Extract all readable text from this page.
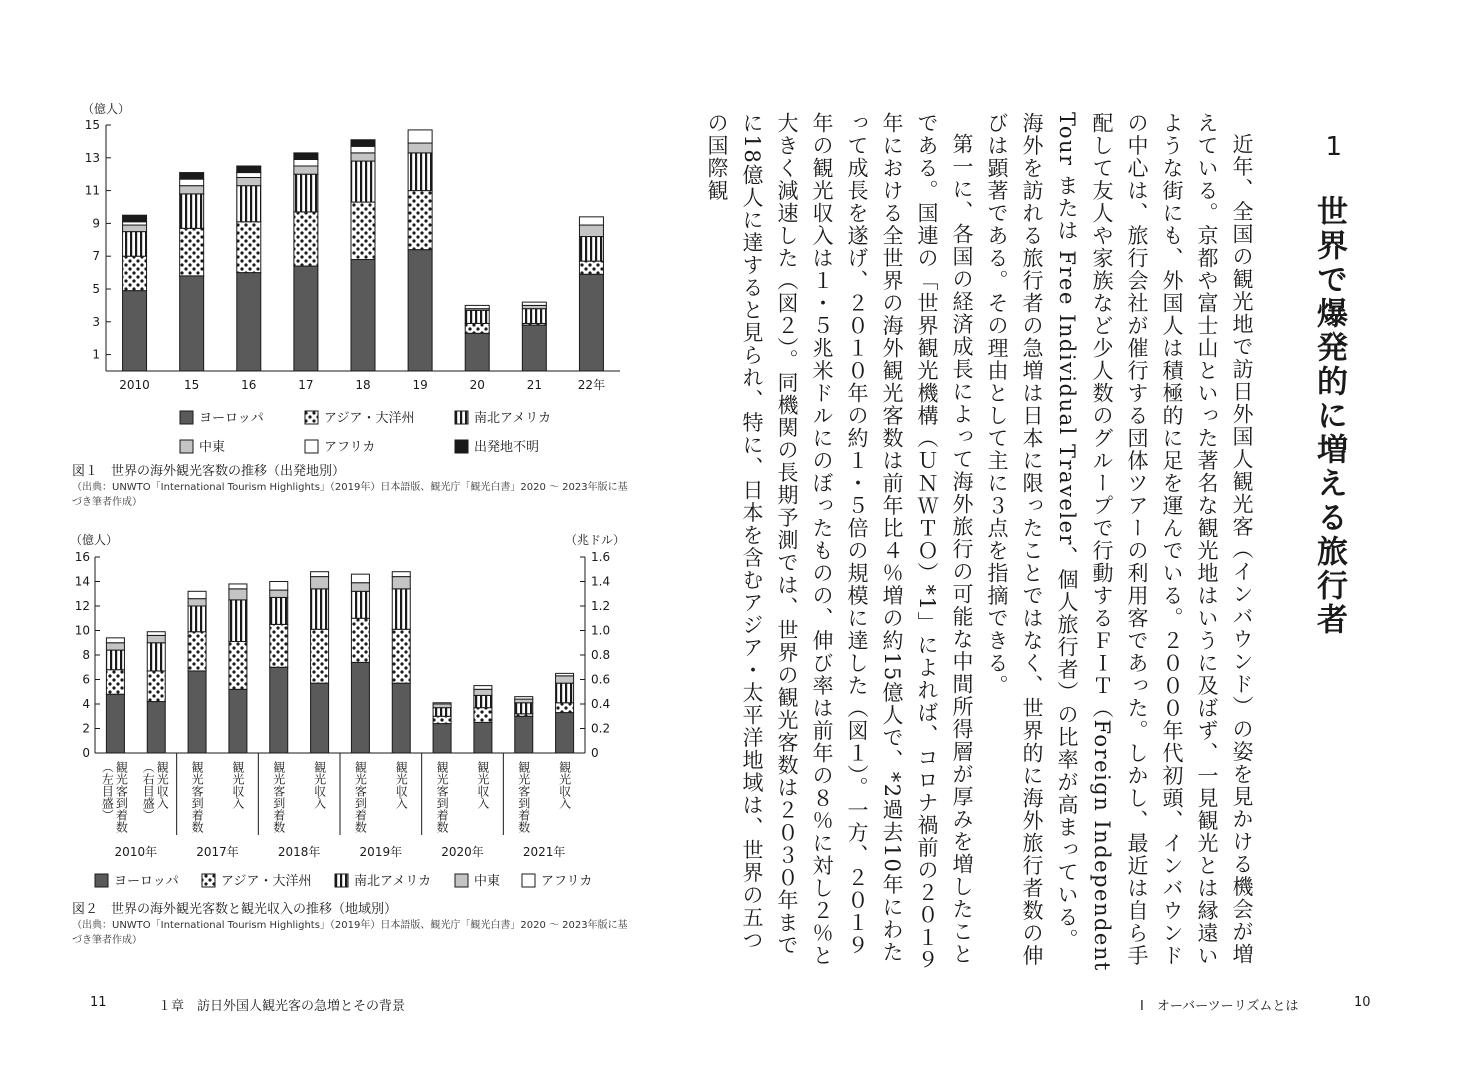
（億人）
1
3
5
7
9
11
13
15
2010	15	16	17	18	19	20	21	22年
ヨーロッパ	アジア・大洋州	南北アメリカ
中東	アフリカ	出発地不明
図１　世界の海外観光客数の推移（出発地別）
（出典：UNWTO「International Tourism Highlights」（2019年）日本語版、観光庁「観光白書」2020 ～ 2023年版に基づき筆者作成）
（億人）	（兆ドル）
0	0
2	0.2
4	0.4
6	0.6
8	0.8
10	1.0
12	1.2
14	1.4
16	1.6
観光客到着数
（左目盛）	観光収入
（右目盛）	観光客到着数 観光収入 観光客到着数 観光収入 観光客到着数 観光収入 観光客到着数 観光収入 観光客到着数 観光収入
2010年	2017年	2018年	2019年	2020年	2021年
ヨーロッパ	アジア・大洋州	南北アメリカ	中東	アフリカ
図２　世界の海外観光客数と観光収入の推移（地域別）
（出典：UNWTO「International Tourism Highlights」（2019年）日本語版、観光庁「観光白書」2020 ～ 2023年版に基づき筆者作成）
11	１章　訪日外国人観光客の急増とその背景
1
世界で爆発的に増える旅行者

近年、全国の観光地で訪日外国人観光客（インバウンド）の姿を見かける機会が増えている。京都や富士山といった著名な観光地はいうに及ばず、一見観光とは縁遠いような街にも、外国人は積極的に足を運んでいる。２０００年代初頭、インバウンドの中心は、旅行会社が催行する団体ツアーの利用客であった。しかし、最近は自ら手配して友人や家族など少人数のグループで行動するＦＩＴ（Foreign Independent Tour または Free Individual Traveler、個人旅行者）の比率が高まっている。海外を訪れる旅行者の急増は日本に限ったことではなく、世界的に海外旅行者数の伸びは顕著である。その理由として主に３点を指摘できる。

第一に、各国の経済成長によって海外旅行の可能な中間所得層が厚みを増したことである。国連の「世界観光機構（ＵＮＷＴＯ）*1」によれば、コロナ禍前の２０１９年における全世界の海外観光客数は前年比４％増の約15億人で、*2過去10年にわたって成長を遂げ、２０１０年の約１・５倍の規模に達した（図１）。一方、２０１９年の観光収入は１・５兆米ドルにのぼったものの、伸び率は前年の８％に対し２％と大きく減速した（図２）。同機関の長期予測では、世界の観光客数は２０３０年までに18億人に達すると見られ、特に、日本を含むアジア・太平洋地域は、世界の五つの国際観

Ⅰ　オーバーツーリズムとは	10
